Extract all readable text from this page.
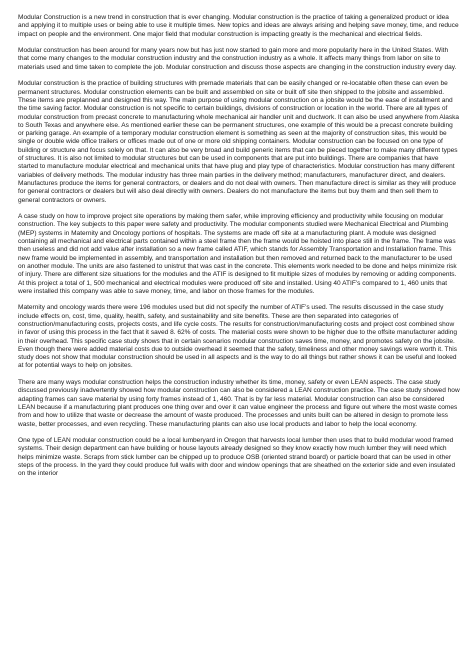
Modular Construction is a new trend in construction that is ever changing. Modular construction is the practice of taking a generalized product or idea and applying it to multiple uses or being able to use it multiple times. New topics and ideas are always arising and helping save money, time, and reduce impact on people and the environment. One major field that modular construction is impacting greatly is the mechanical and electrical fields.

Modular construction has been around for many years now but has just now started to gain more and more popularity here in the United States. With that come many changes to the modular construction industry and the construction industry as a whole. It affects many things from labor on site to materials used and time taken to complete the job. Modular construction and discuss those aspects are changing in the construction industry every day.

Modular construction is the practice of building structures with premade materials that can be easily changed or re-locatable often these can even be permanent structures. Modular construction elements can be built and assembled on site or built off site then shipped to the jobsite and assembled. These items are preplanned and designed this way. The main purpose of using modular construction on a jobsite would be the ease of installment and the time saving factor. Modular construction is not specific to certain buildings, divisions of construction or location in the world. There are all types of modular construction from precast concrete to manufacturing whole mechanical air handler unit and ductwork. It can also be used anywhere from Alaska to South Texas and anywhere else. As mentioned earlier these can be permanent structures, one example of this would be a precast concrete building or parking garage. An example of a temporary modular construction element is something as seen at the majority of construction sites, this would be single or double wide office trailers or offices made out of one or more old shipping containers. Modular construction can be focused on one type of building or structure and focus solely on that. It can also be very broad and build generic items that can be pieced together to make many different types of structures. It is also not limited to modular structures but can be used in components that are put into buildings. There are companies that have started to manufacture modular electrical and mechanical units that have plug and play type of characteristics. Modular construction has many different variables of delivery methods. The modular industry has three main parties in the delivery method; manufacturers, manufacturer direct, and dealers. Manufactures produce the items for general contractors, or dealers and do not deal with owners. Then manufacture direct is similar as they will produce for general contractors or dealers but will also deal directly with owners. Dealers do not manufacture the items but buy them and then sell them to general contractors or owners.

A case study on how to improve project site operations by making them safer, while improving efficiency and productivity while focusing on modular construction. The key subjects to this paper were safety and productivity. The modular components studied were Mechanical Electrical and Plumbing (MEP) systems in Maternity and Oncology portions of hospitals. The systems are made off site at a manufacturing plant. A module was designed containing all mechanical and electrical parts contained within a steel frame then the frame would be hoisted into place still in the frame. The frame was then useless and did not add value after installation so a new frame called ATIF, which stands for Assembly Transportation and Installation frame. This new frame would be implemented in assembly, and transportation and installation but then removed and returned back to the manufacturer to be used on another module. The units are also fastened to unistrut that was cast in the concrete. This elements work needed to be done and helps minimize risk of injury. There are different size situations for the modules and the ATIF is designed to fit multiple sizes of modules by removing or adding components. At this project a total of 1, 500 mechanical and electrical modules were produced off site and installed. Using 40 ATIF’s compared to 1, 460 units that were installed this company was able to save money, time, and labor on those frames for the modules.

Maternity and oncology wards there were 196 modules used but did not specify the number of ATIF’s used. The results discussed in the case study include effects on, cost, time, quality, health, safety, and sustainability and site benefits. These are then separated into categories of construction/manufacturing costs, projects costs, and life cycle costs. The results for construction/manufacturing costs and project cost combined show in favor of using this process in the fact that it saved 8. 62% of costs. The material costs were shown to be higher due to the offsite manufacturer adding in their overhead. This specific case study shows that in certain scenarios modular construction saves time, money, and promotes safety on the jobsite. Even though there were added material costs due to outside overhead it seemed that the safety, timeliness and other money savings were worth it. This study does not show that modular construction should be used in all aspects and is the way to do all things but rather shows it can be useful and looked at for potential ways to help on jobsites.

There are many ways modular construction helps the construction industry whether its time, money, safety or even LEAN aspects. The case study discussed previously inadvertently showed how modular construction can also be considered a LEAN construction practice. The case study showed how adapting frames can save material by using forty frames instead of 1, 460. That is by far less material. Modular construction can also be considered LEAN because if a manufacturing plant produces one thing over and over it can value engineer the process and figure out where the most waste comes from and how to utilize that waste or decrease the amount of waste produced. The processes and units built can be altered in design to promote less waste, better processes, and even recycling. These manufacturing plants can also use local products and labor to help the local economy.

One type of LEAN modular construction could be a local lumberyard in Oregon that harvests local lumber then uses that to build modular wood framed systems. Their design department can have building or house layouts already designed so they know exactly how much lumber they will need which helps minimize waste. Scraps from stick lumber can be chipped up to produce OSB (oriented strand board) or particle board that can be used in other steps of the process. In the yard they could produce full walls with door and window openings that are sheathed on the exterior side and even insulated on the interior
